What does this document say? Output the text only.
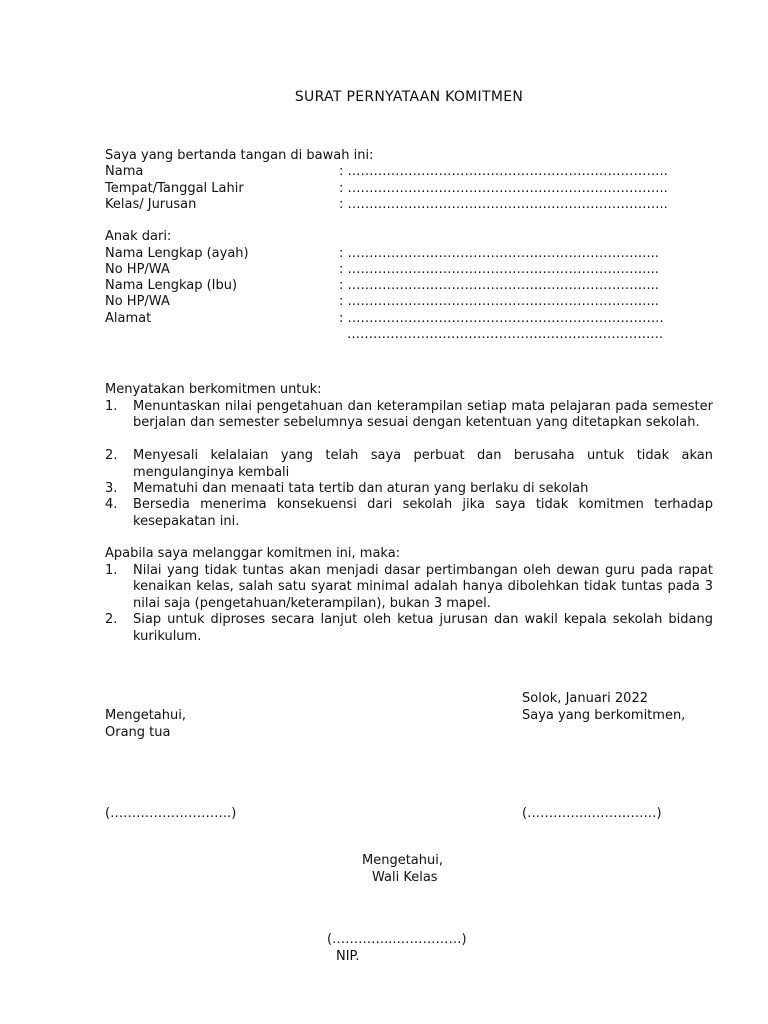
SURAT PERNYATAAN KOMITMEN
Saya yang bertanda tangan di bawah ini:
Nama	: ………………………………………………………………..
Tempat/Tanggal Lahir	: ………………………………………………………………..
Kelas/ Jurusan	: ………………………………………………………………..
Anak dari:
Nama Lengkap (ayah)	: ……………………………………………………………...
No HP/WA	: ……………………………………………………………...
Nama Lengkap (Ibu)	: ……………………………………………………………...
No HP/WA	: ……………………………………………………………...
Alamat	: ……………………………………………………………….
……………………………………………………………….
Menyatakan berkomitmen untuk:
1. Menuntaskan nilai pengetahuan dan keterampilan setiap mata pelajaran pada semester berjalan dan semester sebelumnya sesuai dengan ketentuan yang ditetapkan sekolah.
2. Menyesali kelalaian yang telah saya perbuat dan berusaha untuk tidak akan mengulanginya kembali
3. Mematuhi dan menaati tata tertib dan aturan yang berlaku di sekolah
4. Bersedia menerima konsekuensi dari sekolah jika saya tidak komitmen terhadap kesepakatan ini.
Apabila saya melanggar komitmen ini, maka:
1. Nilai yang tidak tuntas akan menjadi dasar pertimbangan oleh dewan guru pada rapat kenaikan kelas, salah satu syarat minimal adalah hanya dibolehkan tidak tuntas pada 3 nilai saja (pengetahuan/keterampilan), bukan 3 mapel.
2. Siap untuk diproses secara lanjut oleh ketua jurusan dan wakil kepala sekolah bidang kurikulum.
Solok, Januari 2022
Mengetahui,	Saya yang berkomitmen,
Orang tua
(……………………….)	(…………...……………)
Mengetahui,
Wali Kelas
(…………...……………)
NIP.
